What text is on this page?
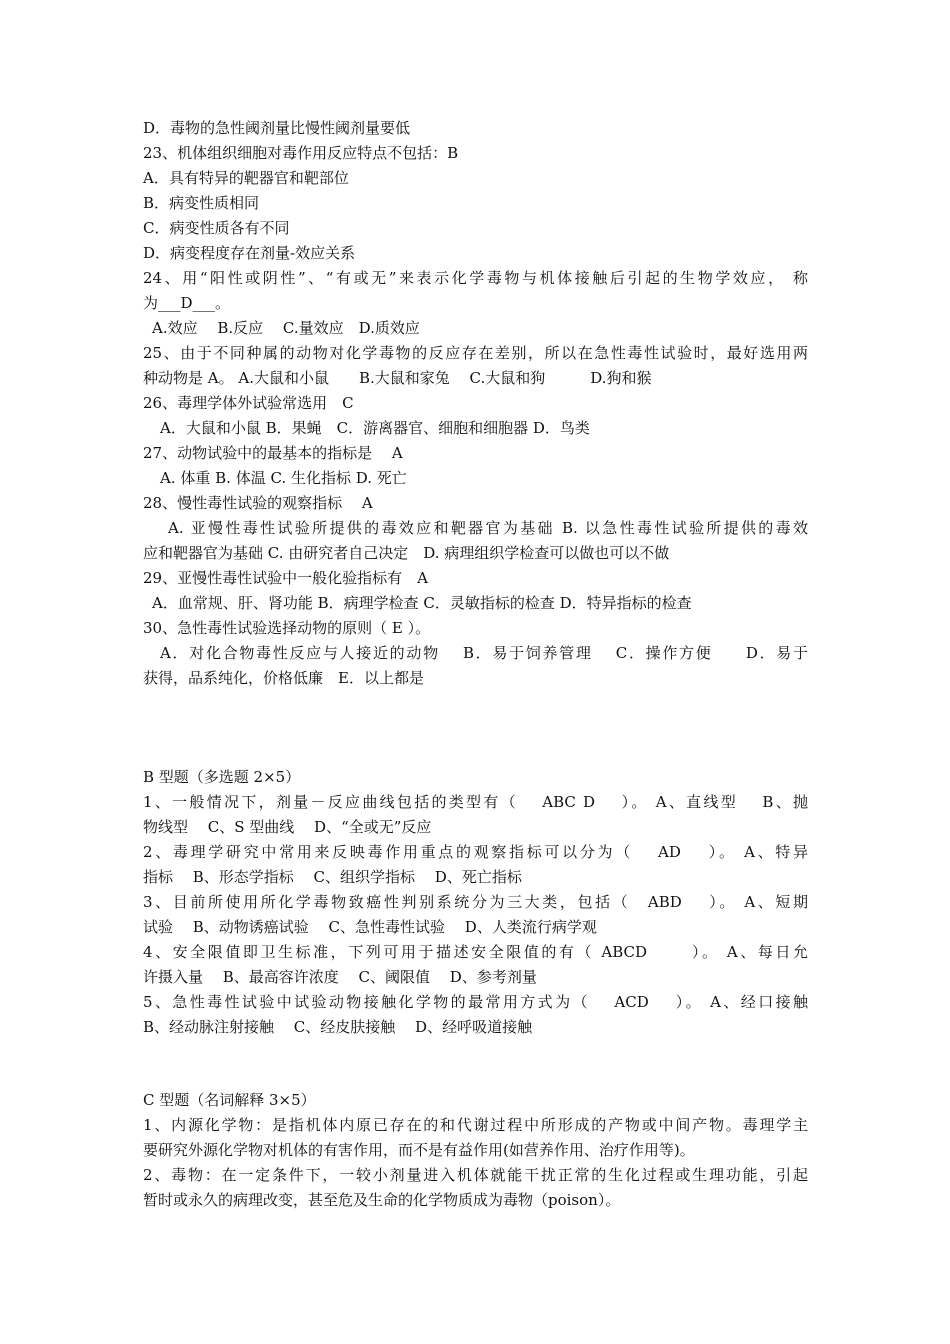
D．毒物的急性阈剂量比慢性阈剂量要低
23、机体组织细胞对毒作用反应特点不包括：B
A．具有特异的靶器官和靶部位
B．病变性质相同
C．病变性质各有不同
D．病变程度存在剂量-效应关系
24、用“阳性或阴性”、“有或无”来表示化学毒物与机体接触后引起的生物学效应， 称
为___D___。
A.效应　 B.反应　 C.量效应　D.质效应
25、由于不同种属的动物对化学毒物的反应存在差别，所以在急性毒性试验时，最好选用两
种动物是 A。 A.大鼠和小鼠　　B.大鼠和家兔　 C.大鼠和狗　　　D.狗和猴
26、毒理学体外试验常选用　C
A．大鼠和小鼠 B．果蝇　C．游离器官、细胞和细胞器 D．鸟类
27、动物试验中的最基本的指标是　 A
A. 体重 B. 体温 C. 生化指标 D. 死亡
28、慢性毒性试验的观察指标　 A
A. 亚慢性毒性试验所提供的毒效应和靶器官为基础 B. 以急性毒性试验所提供的毒效
应和靶器官为基础 C. 由研究者自己决定　D. 病理组织学检查可以做也可以不做
29、亚慢性毒性试验中一般化验指标有　A
A．血常规、肝、肾功能 B．病理学检查 C．灵敏指标的检查 D．特异指标的检查
30、急性毒性试验选择动物的原则（ E ）。
A．对化合物毒性反应与人接近的动物　 B．易于饲养管理　 C．操作方便　　D．易于
获得，品系纯化，价格低廉　E．以上都是
B 型题（多选题 2×5）
1、一般情况下，剂量－反应曲线包括的类型有（　 ABC D　 ）。 A、直线型　 B、抛
物线型　 C、S 型曲线　 D、“全或无”反应
2、毒理学研究中常用来反映毒作用重点的观察指标可以分为（　 AD　 ）。 A、特异
指标　 B、形态学指标　 C、组织学指标　 D、死亡指标
3、目前所使用所化学毒物致癌性判别系统分为三大类，包括（　ABD　 ）。 A、短期
试验　 B、动物诱癌试验　 C、急性毒性试验　 D、人类流行病学观
4、安全限值即卫生标准，下列可用于描述安全限值的有（ ABCD　　 ）。 A、每日允
许摄入量　 B、最高容许浓度　 C、阈限值　 D、参考剂量
5、急性毒性试验中试验动物接触化学物的最常用方式为（　 ACD　 ）。 A、经口接触
B、经动脉注射接触　 C、经皮肤接触　 D、经呼吸道接触
C 型题（名词解释 3×5）
1、内源化学物：是指机体内原已存在的和代谢过程中所形成的产物或中间产物。毒理学主
要研究外源化学物对机体的有害作用，而不是有益作用(如营养作用、治疗作用等)。
2、毒物：在一定条件下，一较小剂量进入机体就能干扰正常的生化过程或生理功能，引起
暂时或永久的病理改变，甚至危及生命的化学物质成为毒物（poison）。
